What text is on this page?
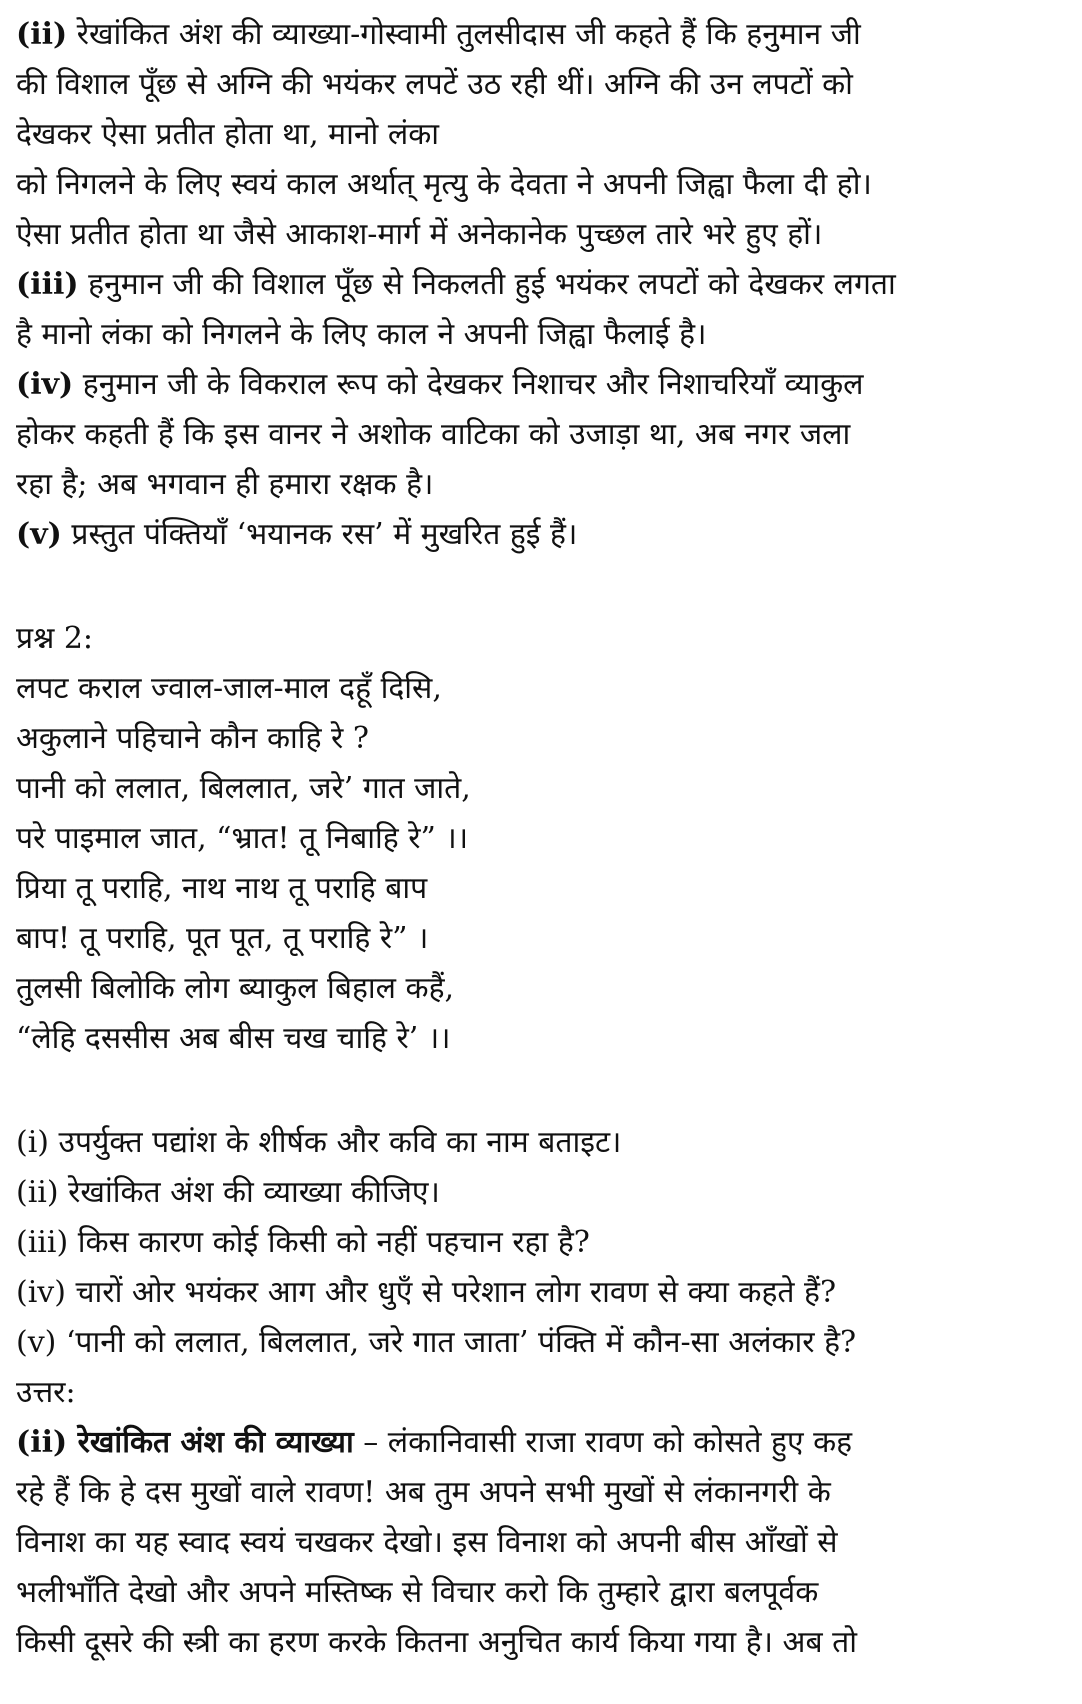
(ii) रेखांकित अंश की व्याख्या-गोस्वामी तुलसीदास जी कहते हैं कि हनुमान जी
की विशाल पूँछ से अग्नि की भयंकर लपटें उठ रही थीं। अग्नि की उन लपटों को
देखकर ऐसा प्रतीत होता था, मानो लंका
को निगलने के लिए स्वयं काल अर्थात् मृत्यु के देवता ने अपनी जिह्वा फैला दी हो।
ऐसा प्रतीत होता था जैसे आकाश-मार्ग में अनेकानेक पुच्छल तारे भरे हुए हों।
(iii) हनुमान जी की विशाल पूँछ से निकलती हुई भयंकर लपटों को देखकर लगता
है मानो लंका को निगलने के लिए काल ने अपनी जिह्वा फैलाई है।
(iv) हनुमान जी के विकराल रूप को देखकर निशाचर और निशाचरियाँ व्याकुल
होकर कहती हैं कि इस वानर ने अशोक वाटिका को उजाड़ा था, अब नगर जला
रहा है; अब भगवान ही हमारा रक्षक है।
(v) प्रस्तुत पंक्तियाँ ‘भयानक रस’ में मुखरित हुई हैं।
प्रश्न 2:
लपट कराल ज्वाल-जाल-माल दहूँ दिसि,
अकुलाने पहिचाने कौन काहि रे ?
पानी को ललात, बिललात, जरे’ गात जाते,
परे पाइमाल जात, “भ्रात! तू निबाहि रे” ।।
प्रिया तू पराहि, नाथ नाथ तू पराहि बाप
बाप! तू पराहि, पूत पूत, तू पराहि रे” ।
तुलसी बिलोकि लोग ब्याकुल बिहाल कहैं,
“लेहि दससीस अब बीस चख चाहि रे’ ।।
(i) उपर्युक्त पद्यांश के शीर्षक और कवि का नाम बताइट।
(ii) रेखांकित अंश की व्याख्या कीजिए।
(iii) किस कारण कोई किसी को नहीं पहचान रहा है?
(iv) चारों ओर भयंकर आग और धुएँ से परेशान लोग रावण से क्या कहते हैं?
(v) ‘पानी को ललात, बिललात, जरे गात जाता’ पंक्ति में कौन-सा अलंकार है?
उत्तर:
(ii) रेखांकित अंश की व्याख्या – लंकानिवासी राजा रावण को कोसते हुए कह
रहे हैं कि हे दस मुखों वाले रावण! अब तुम अपने सभी मुखों से लंकानगरी के
विनाश का यह स्वाद स्वयं चखकर देखो। इस विनाश को अपनी बीस आँखों से
भलीभाँति देखो और अपने मस्तिष्क से विचार करो कि तुम्हारे द्वारा बलपूर्वक
किसी दूसरे की स्त्री का हरण करके कितना अनुचित कार्य किया गया है। अब तो
